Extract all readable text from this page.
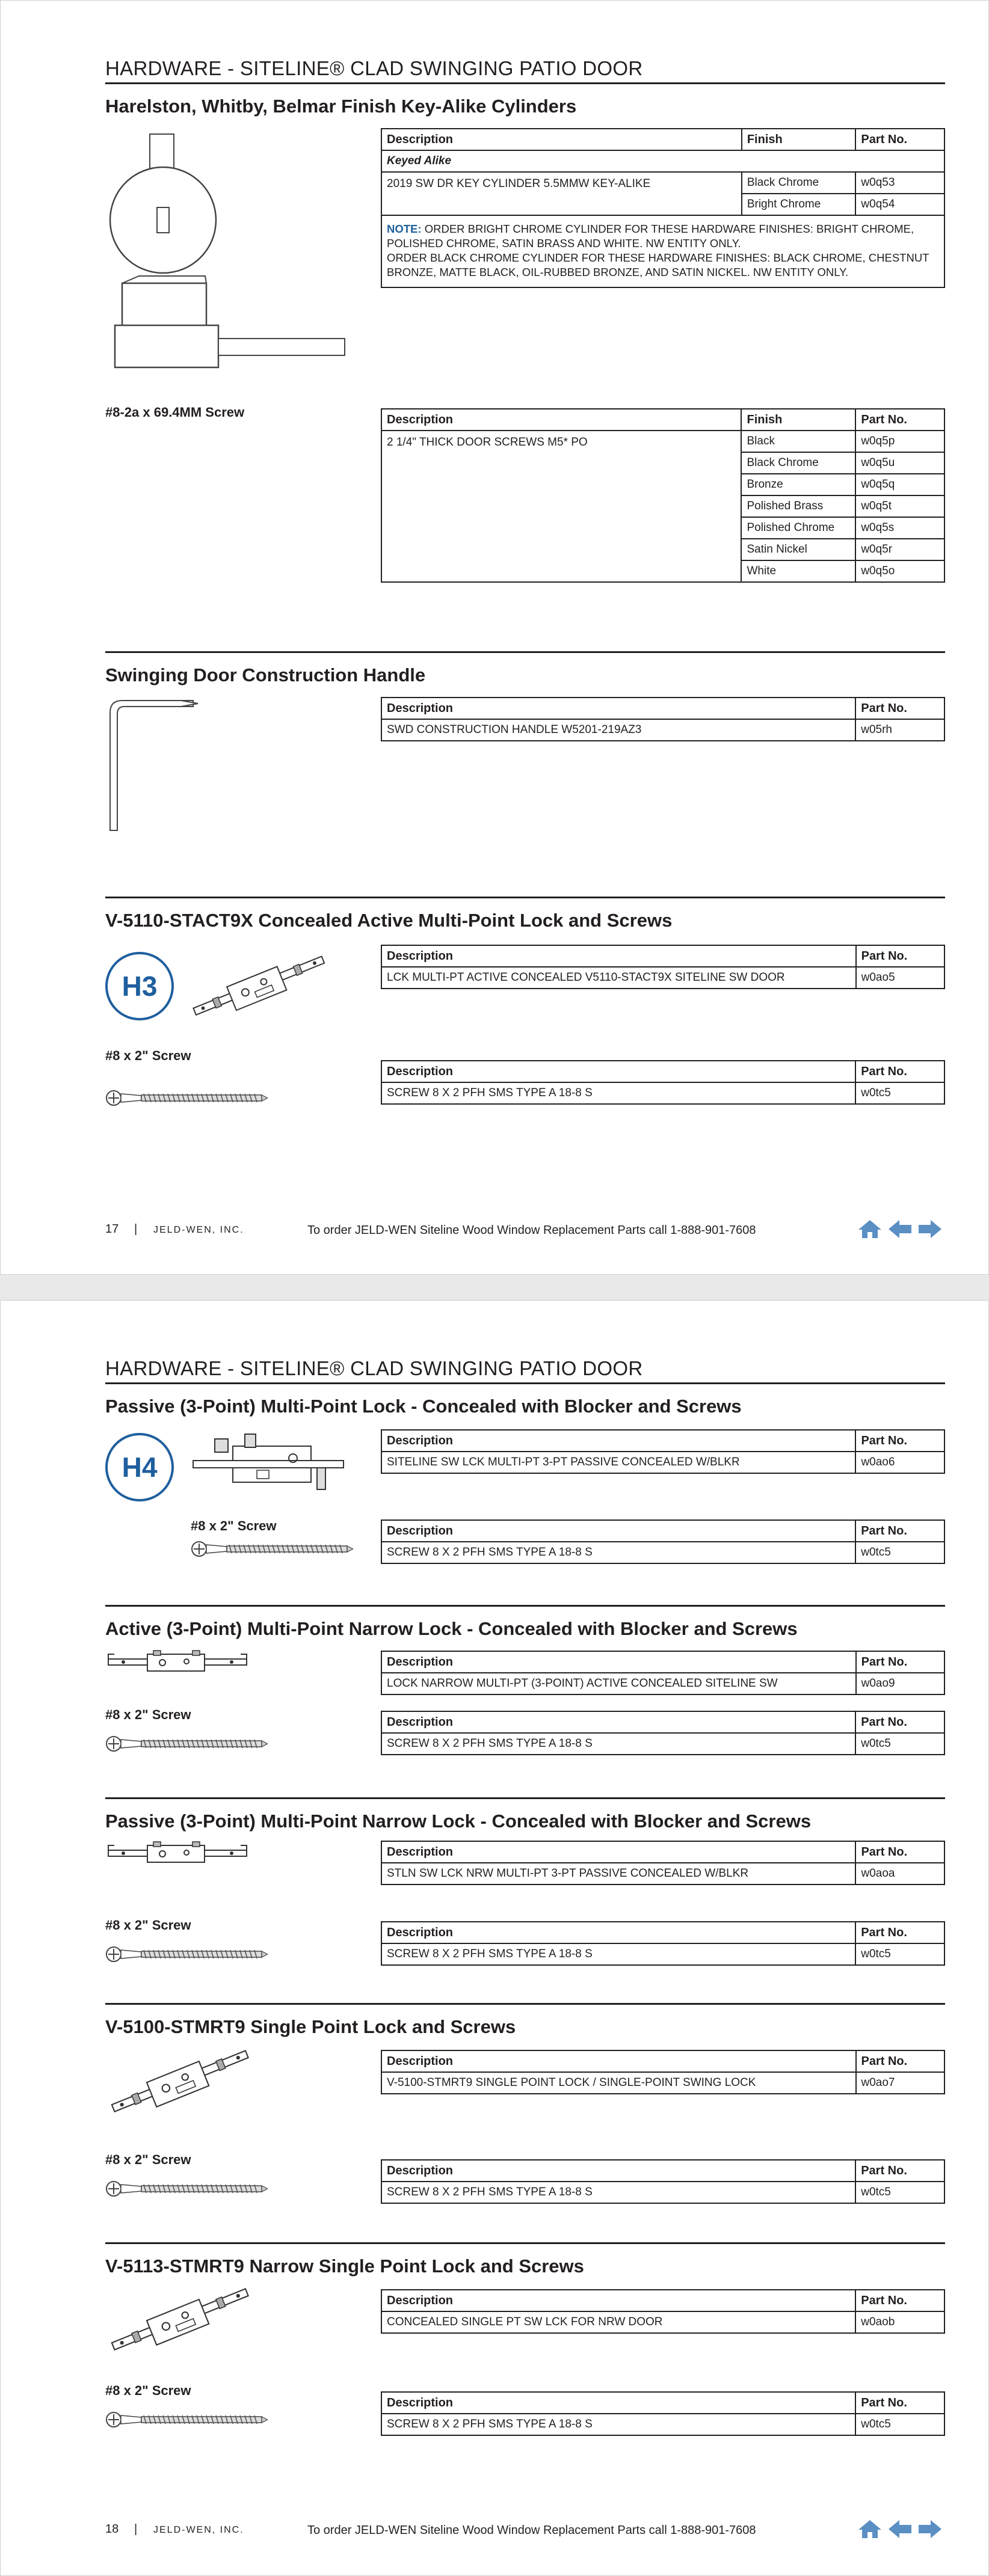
HARDWARE - SITELINE® CLAD SWINGING PATIO DOOR
Harelston, Whitby, Belmar Finish Key-Alike Cylinders
Description	Finish	Part No.
Keyed Alike		
2019 SW DR KEY CYLINDER 5.5MMW KEY-ALIKE	Black Chrome	w0q53
	Bright Chrome	w0q54
NOTE: ORDER BRIGHT CHROME CYLINDER FOR THESE HARDWARE FINISHES: BRIGHT CHROME, POLISHED CHROME, SATIN BRASS AND WHITE. NW ENTITY ONLY.
ORDER BLACK CHROME CYLINDER FOR THESE HARDWARE FINISHES: BLACK CHROME, CHESTNUT BRONZE, MATTE BLACK, OIL-RUBBED BRONZE, AND SATIN NICKEL. NW ENTITY ONLY.		
#8-2a x 69.4MM Screw	Description	Finish	Part No.
2 1/4" THICK DOOR SCREWS M5* PO	Black	w0q5p
	Black Chrome	w0q5u
	Bronze	w0q5q
	Polished Brass	w0q5t
	Polished Chrome	w0q5s
	Satin Nickel	w0q5r
	White	w0q5o
Swinging Door Construction Handle
Description	Part No.
SWD CONSTRUCTION HANDLE W5201-219AZ3	w05rh
V-5110-STACT9X Concealed Active Multi-Point Lock and Screws
H3
Description	Part No.
LCK MULTI-PT ACTIVE CONCEALED V5110-STACT9X SITELINE SW DOOR	w0ao5
#8 x 2" Screw
Description	Part No.
SCREW 8 X 2 PFH SMS TYPE A 18-8 S	w0tc5
17 | JELD-WEN, INC.	To order JELD-WEN Siteline Wood Window Replacement Parts call 1-888-901-7608
HARDWARE - SITELINE® CLAD SWINGING PATIO DOOR
Passive (3-Point) Multi-Point Lock - Concealed with Blocker and Screws
H4
Description	Part No.
SITELINE SW LCK MULTI-PT 3-PT PASSIVE CONCEALED W/BLKR	w0ao6
#8 x 2" Screw	Description	Part No.
SCREW 8 X 2 PFH SMS TYPE A 18-8 S	w0tc5
Active (3-Point) Multi-Point Narrow Lock - Concealed with Blocker and Screws
Description	Part No.
LOCK NARROW MULTI-PT (3-POINT) ACTIVE CONCEALED SITELINE SW	w0ao9
#8 x 2" Screw	Description	Part No.
SCREW 8 X 2 PFH SMS TYPE A 18-8 S	w0tc5
Passive (3-Point) Multi-Point Narrow Lock - Concealed with Blocker and Screws
Description	Part No.
STLN SW LCK NRW MULTI-PT 3-PT PASSIVE CONCEALED W/BLKR	w0aoa
#8 x 2" Screw	Description	Part No.
SCREW 8 X 2 PFH SMS TYPE A 18-8 S	w0tc5
V-5100-STMRT9 Single Point Lock and Screws
Description	Part No.
V-5100-STMRT9 SINGLE POINT LOCK / SINGLE-POINT SWING LOCK	w0ao7
#8 x 2" Screw
Description	Part No.
SCREW 8 X 2 PFH SMS TYPE A 18-8 S	w0tc5
V-5113-STMRT9 Narrow Single Point Lock and Screws
Description	Part No.
CONCEALED SINGLE PT SW LCK FOR NRW DOOR	w0aob
#8 x 2" Screw
Description	Part No.
SCREW 8 X 2 PFH SMS TYPE A 18-8 S	w0tc5
18 | JELD-WEN, INC.	To order JELD-WEN Siteline Wood Window Replacement Parts call 1-888-901-7608
